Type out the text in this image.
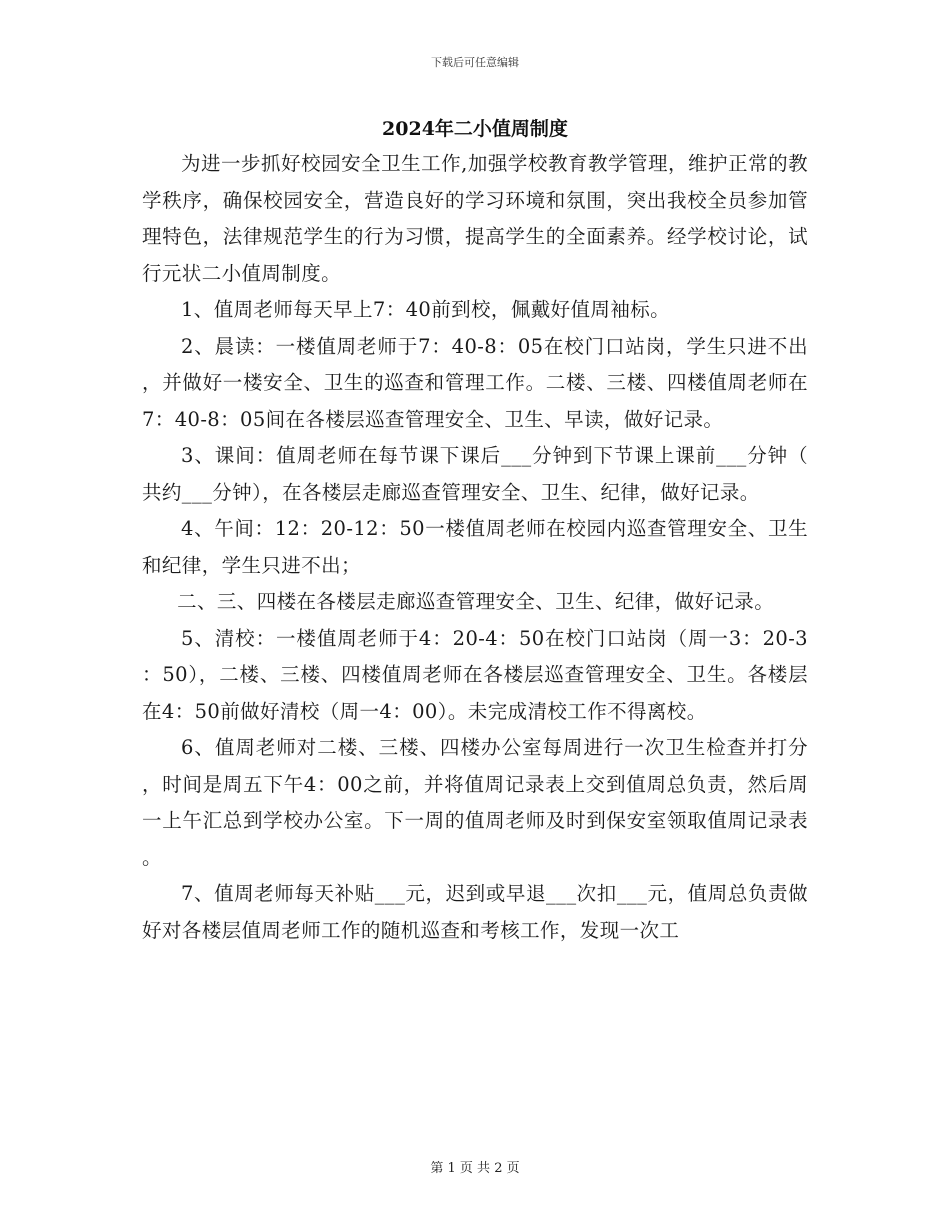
下载后可任意编辑
2024年二小值周制度

为进一步抓好校园安全卫生工作,加强学校教育教学管理，维护正常的教学秩序，确保校园安全，营造良好的学习环境和氛围，突出我校全员参加管理特色，法律规范学生的行为习惯，提高学生的全面素养。经学校讨论，试行元状二小值周制度。

1、值周老师每天早上7：40前到校，佩戴好值周袖标。

2、晨读：一楼值周老师于7：40-8：05在校门口站岗，学生只进不出，并做好一楼安全、卫生的巡查和管理工作。二楼、三楼、四楼值周老师在7：40-8：05间在各楼层巡查管理安全、卫生、早读，做好记录。

3、课间：值周老师在每节课下课后___分钟到下节课上课前___分钟（共约___分钟），在各楼层走廊巡查管理安全、卫生、纪律，做好记录。

4、午间：12：20-12：50一楼值周老师在校园内巡查管理安全、卫生和纪律，学生只进不出；

二、三、四楼在各楼层走廊巡查管理安全、卫生、纪律，做好记录。

5、清校：一楼值周老师于4：20-4：50在校门口站岗（周一3：20-3：50），二楼、三楼、四楼值周老师在各楼层巡查管理安全、卫生。各楼层在4：50前做好清校（周一4：00）。未完成清校工作不得离校。

6、值周老师对二楼、三楼、四楼办公室每周进行一次卫生检查并打分，时间是周五下午4：00之前，并将值周记录表上交到值周总负责，然后周一上午汇总到学校办公室。下一周的值周老师及时到保安室领取值周记录表。

7、值周老师每天补贴___元，迟到或早退___次扣___元，值周总负责做好对各楼层值周老师工作的随机巡查和考核工作，发现一次工

第 1 页 共 2 页
